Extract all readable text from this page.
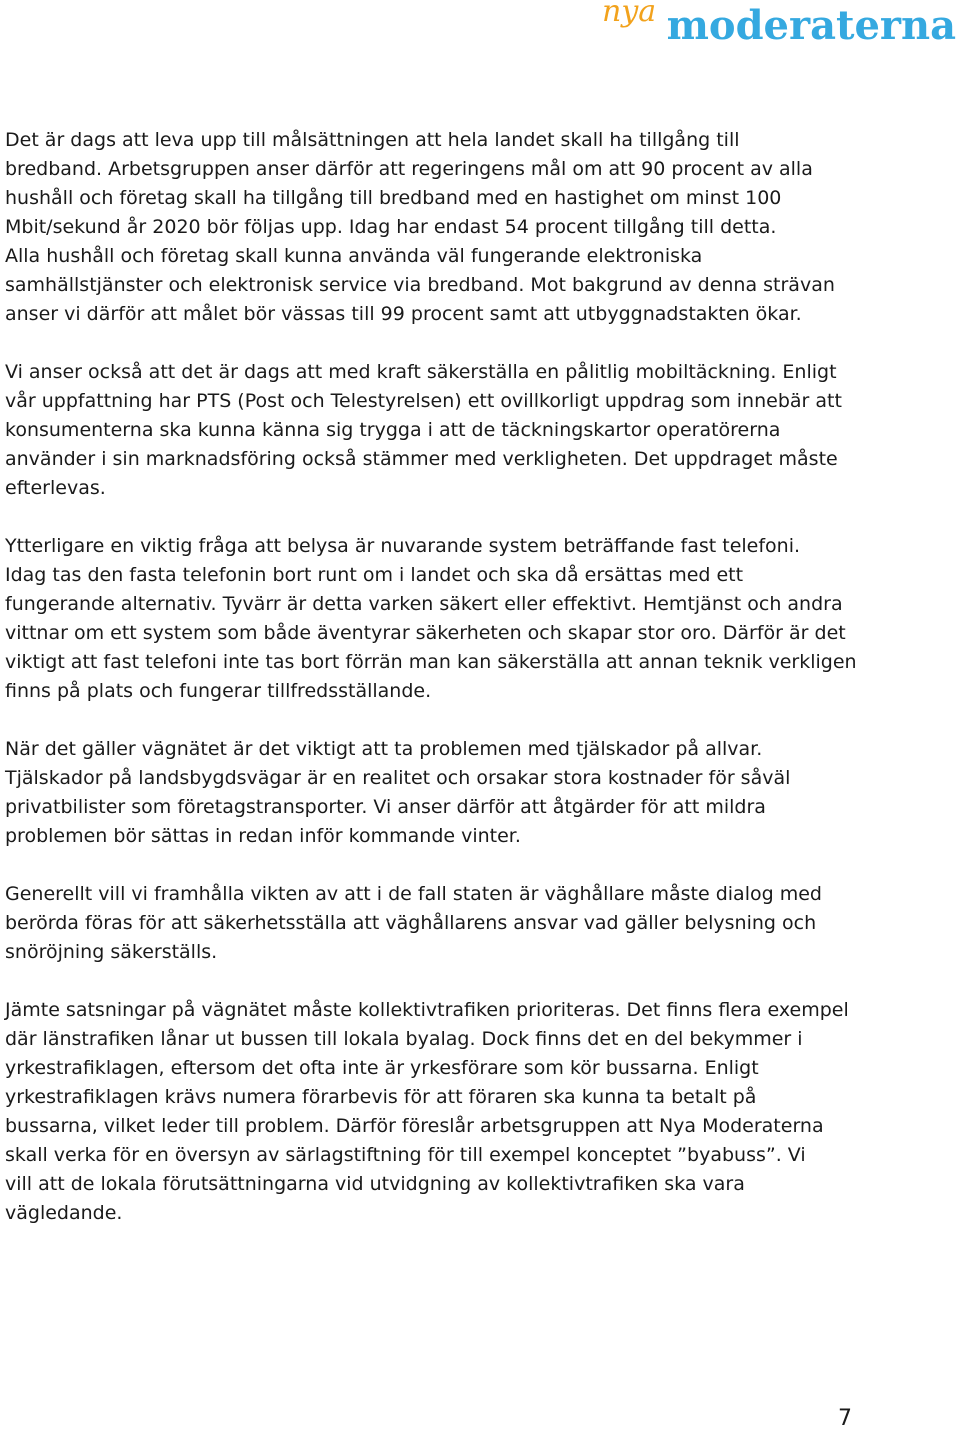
nya moderaterna

Det är dags att leva upp till målsättningen att hela landet skall ha tillgång till
bredband. Arbetsgruppen anser därför att regeringens mål om att 90 procent av alla
hushåll och företag skall ha tillgång till bredband med en hastighet om minst 100
Mbit/sekund år 2020 bör följas upp. Idag har endast 54 procent tillgång till detta.
Alla hushåll och företag skall kunna använda väl fungerande elektroniska
samhällstjänster och elektronisk service via bredband. Mot bakgrund av denna strävan
anser vi därför att målet bör vässas till 99 procent samt att utbyggnadstakten ökar.

Vi anser också att det är dags att med kraft säkerställa en pålitlig mobiltäckning. Enligt
vår uppfattning har PTS (Post och Telestyrelsen) ett ovillkorligt uppdrag som innebär att
konsumenterna ska kunna känna sig trygga i att de täckningskartor operatörerna
använder i sin marknadsföring också stämmer med verkligheten. Det uppdraget måste
efterlevas.

Ytterligare en viktig fråga att belysa är nuvarande system beträffande fast telefoni.
Idag tas den fasta telefonin bort runt om i landet och ska då ersättas med ett
fungerande alternativ. Tyvärr är detta varken säkert eller effektivt. Hemtjänst och andra
vittnar om ett system som både äventyrar säkerheten och skapar stor oro. Därför är det
viktigt att fast telefoni inte tas bort förrän man kan säkerställa att annan teknik verkligen
finns på plats och fungerar tillfredsställande.

När det gäller vägnätet är det viktigt att ta problemen med tjälskador på allvar.
Tjälskador på landsbygdsvägar är en realitet och orsakar stora kostnader för såväl
privatbilister som företagstransporter. Vi anser därför att åtgärder för att mildra
problemen bör sättas in redan inför kommande vinter.

Generellt vill vi framhålla vikten av att i de fall staten är väghållare måste dialog med
berörda föras för att säkerhetsställa att väghållarens ansvar vad gäller belysning och
snöröjning säkerställs.

Jämte satsningar på vägnätet måste kollektivtrafiken prioriteras. Det finns flera exempel
där länstrafiken lånar ut bussen till lokala byalag. Dock finns det en del bekymmer i
yrkestrafiklagen, eftersom det ofta inte är yrkesförare som kör bussarna. Enligt
yrkestrafiklagen krävs numera förarbevis för att föraren ska kunna ta betalt på
bussarna, vilket leder till problem. Därför föreslår arbetsgruppen att Nya Moderaterna
skall verka för en översyn av särlagstiftning för till exempel konceptet ”byabuss”. Vi
vill att de lokala förutsättningarna vid utvidgning av kollektivtrafiken ska vara
vägledande.

7
